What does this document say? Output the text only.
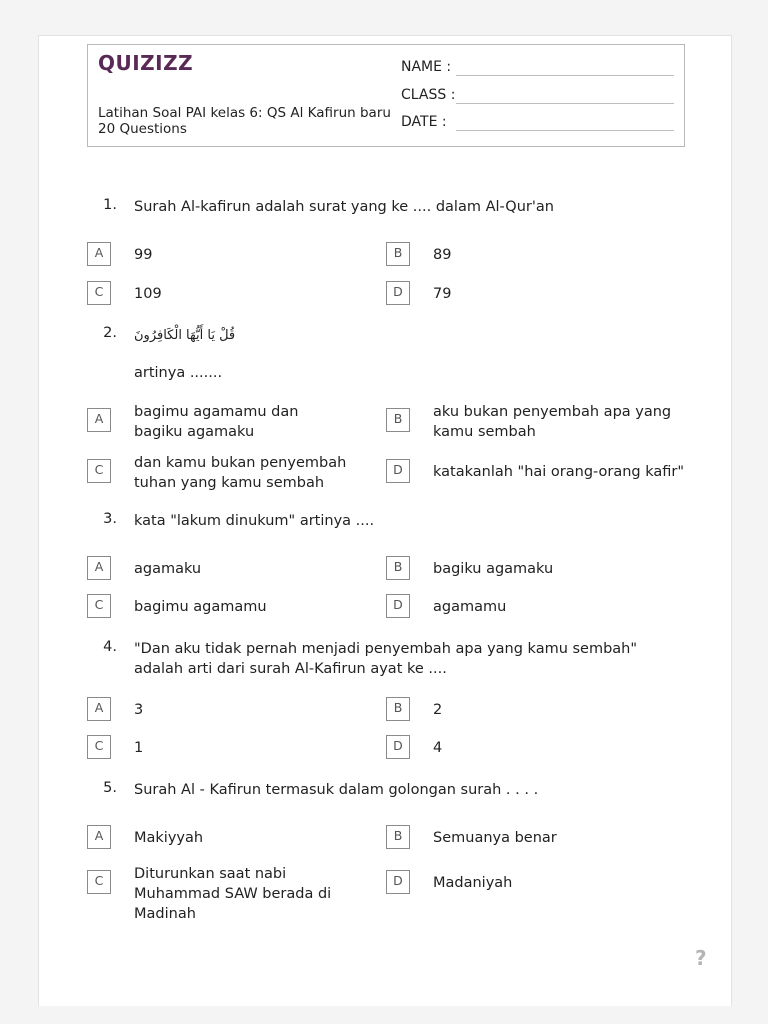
QUIZIZZ
Latihan Soal PAI kelas 6: QS Al Kafirun baru
20 Questions
NAME :
CLASS :
DATE :
1. Surah Al-kafirun adalah surat yang ke .... dalam Al-Qur'an
A	99	B	89
C	109	D	79
2. قُلْ يَا أَيُّهَا الْكَافِرُونَ
artinya .......
A	bagimu agamamu dan bagiku agamaku
B	aku bukan penyembah apa yang kamu sembah
C	dan kamu bukan penyembah tuhan yang kamu sembah
D	katakanlah "hai orang-orang kafir"
3. kata "lakum dinukum" artinya ....
A	agamaku	B	bagiku agamaku
C	bagimu agamamu	D	agamamu
4. "Dan aku tidak pernah menjadi penyembah apa yang kamu sembah" adalah arti dari surah Al-Kafirun ayat ke ....
A	3	B	2
C	1	D	4
5. Surah Al - Kafirun termasuk dalam golongan surah . . . .
A	Makiyyah	B	Semuanya benar
C	Diturunkan saat nabi Muhammad SAW berada di Madinah
D	Madaniyah
?
